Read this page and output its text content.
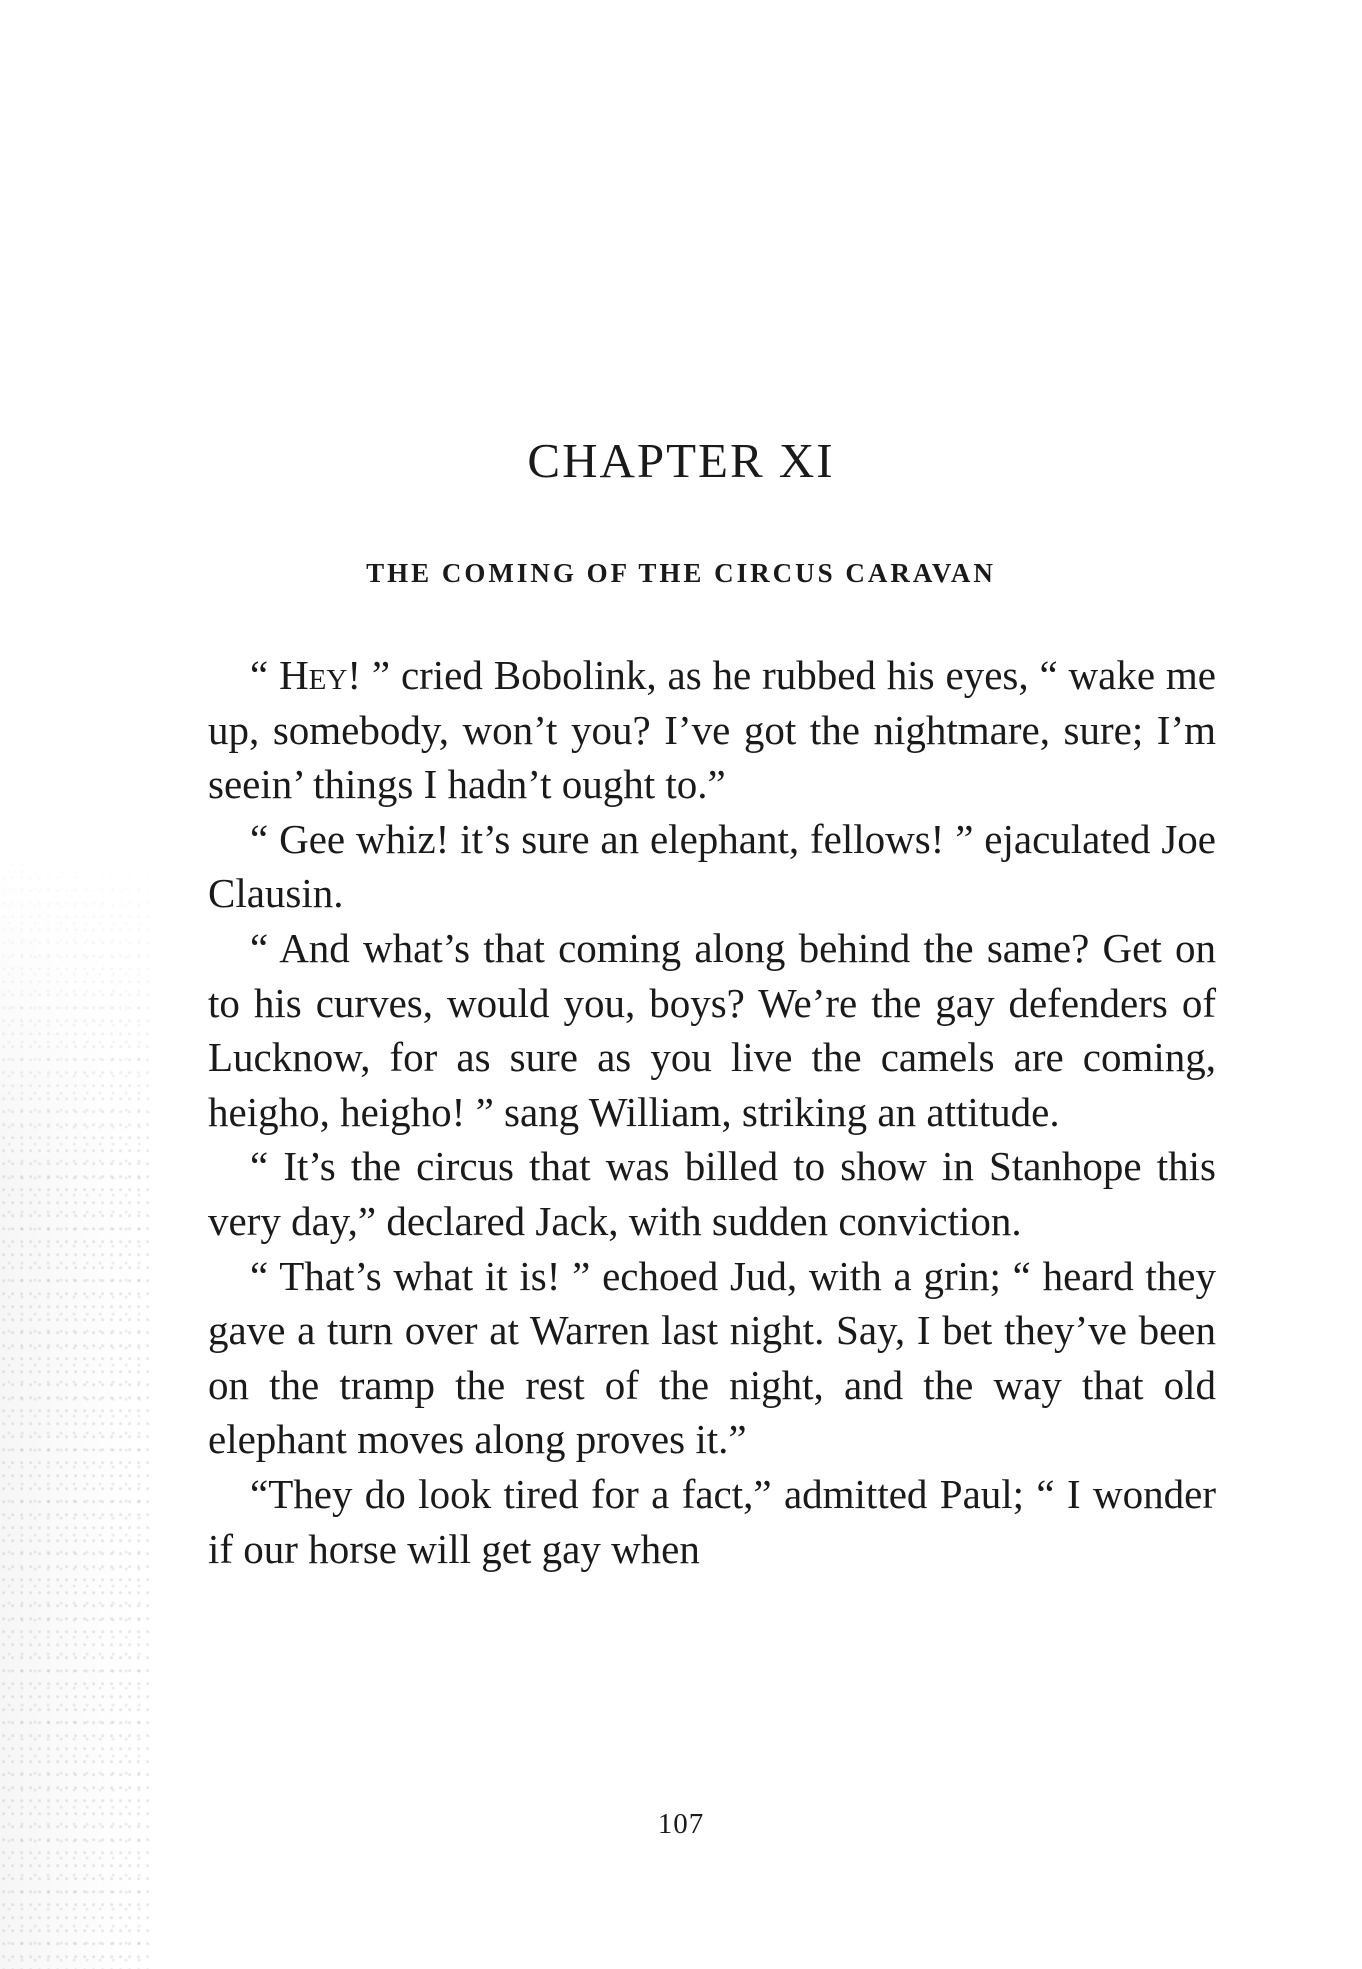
CHAPTER XI
THE COMING OF THE CIRCUS CARAVAN

“ Hey! ” cried Bobolink, as he rubbed his eyes, “ wake me up, somebody, won’t you? I’ve got the nightmare, sure; I’m seein’ things I hadn’t ought to.”

“ Gee whiz! it’s sure an elephant, fellows! ” ejaculated Joe Clausin.

“ And what’s that coming along behind the same? Get on to his curves, would you, boys? We’re the gay defenders of Lucknow, for as sure as you live the camels are coming, heigho, heigho! ” sang William, striking an attitude.

“ It’s the circus that was billed to show in Stanhope this very day,” declared Jack, with sudden conviction.

“ That’s what it is! ” echoed Jud, with a grin; “ heard they gave a turn over at Warren last night. Say, I bet they’ve been on the tramp the rest of the night, and the way that old elephant moves along proves it.”

“They do look tired for a fact,” admitted Paul; “ I wonder if our horse will get gay when

107
